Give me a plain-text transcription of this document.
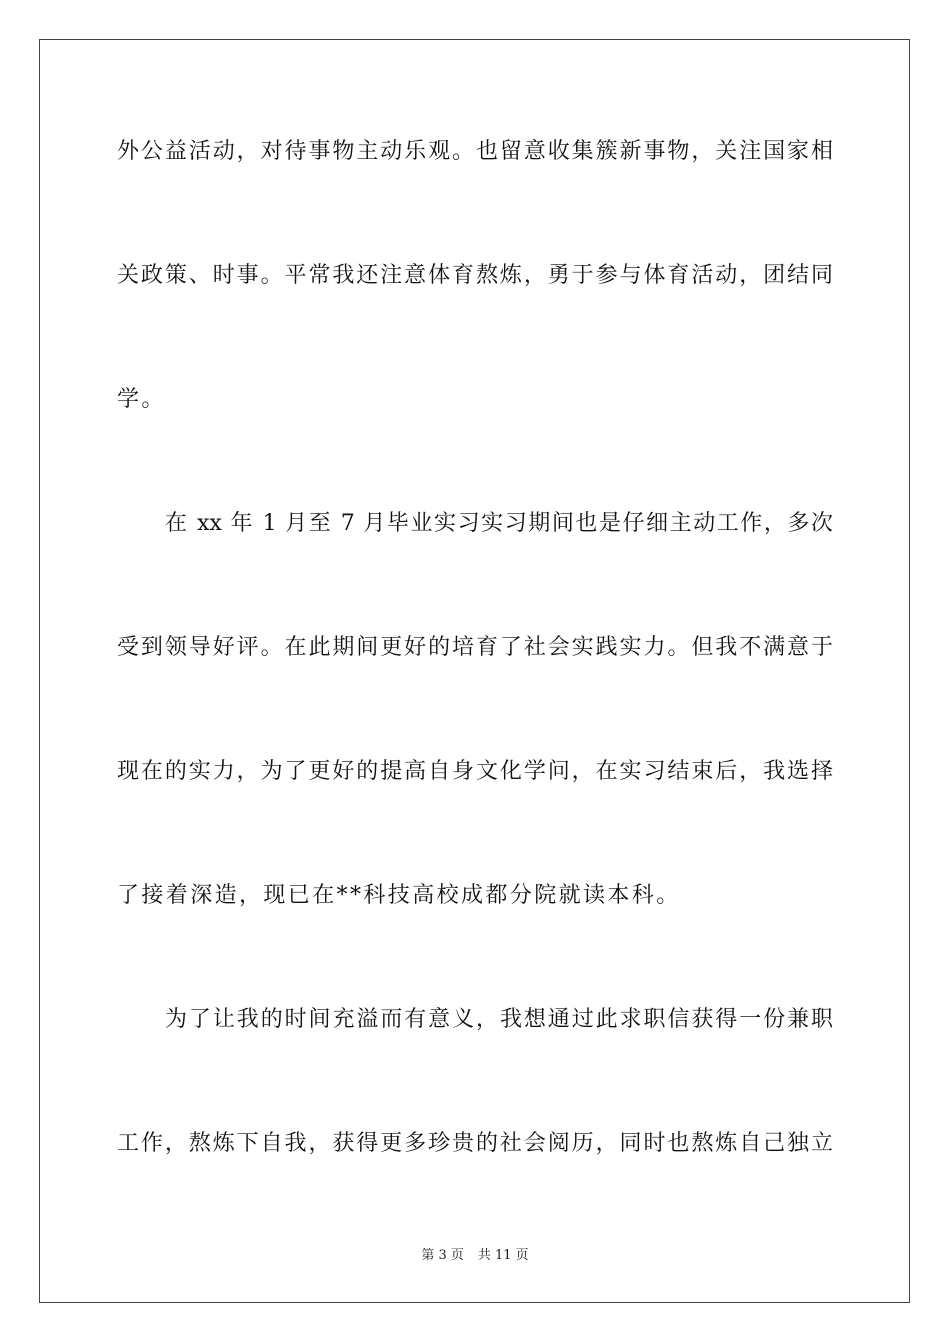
外公益活动，对待事物主动乐观。也留意收集簇新事物，关注国家相
关政策、时事。平常我还注意体育熬炼，勇于参与体育活动，团结同
学。
在 xx 年 1 月至 7 月毕业实习实习期间也是仔细主动工作，多次
受到领导好评。在此期间更好的培育了社会实践实力。但我不满意于
现在的实力，为了更好的提高自身文化学问，在实习结束后，我选择
了接着深造，现已在**科技高校成都分院就读本科。
为了让我的时间充溢而有意义，我想通过此求职信获得一份兼职
工作，熬炼下自我，获得更多珍贵的社会阅历，同时也熬炼自己独立
第 3 页 共 11 页
